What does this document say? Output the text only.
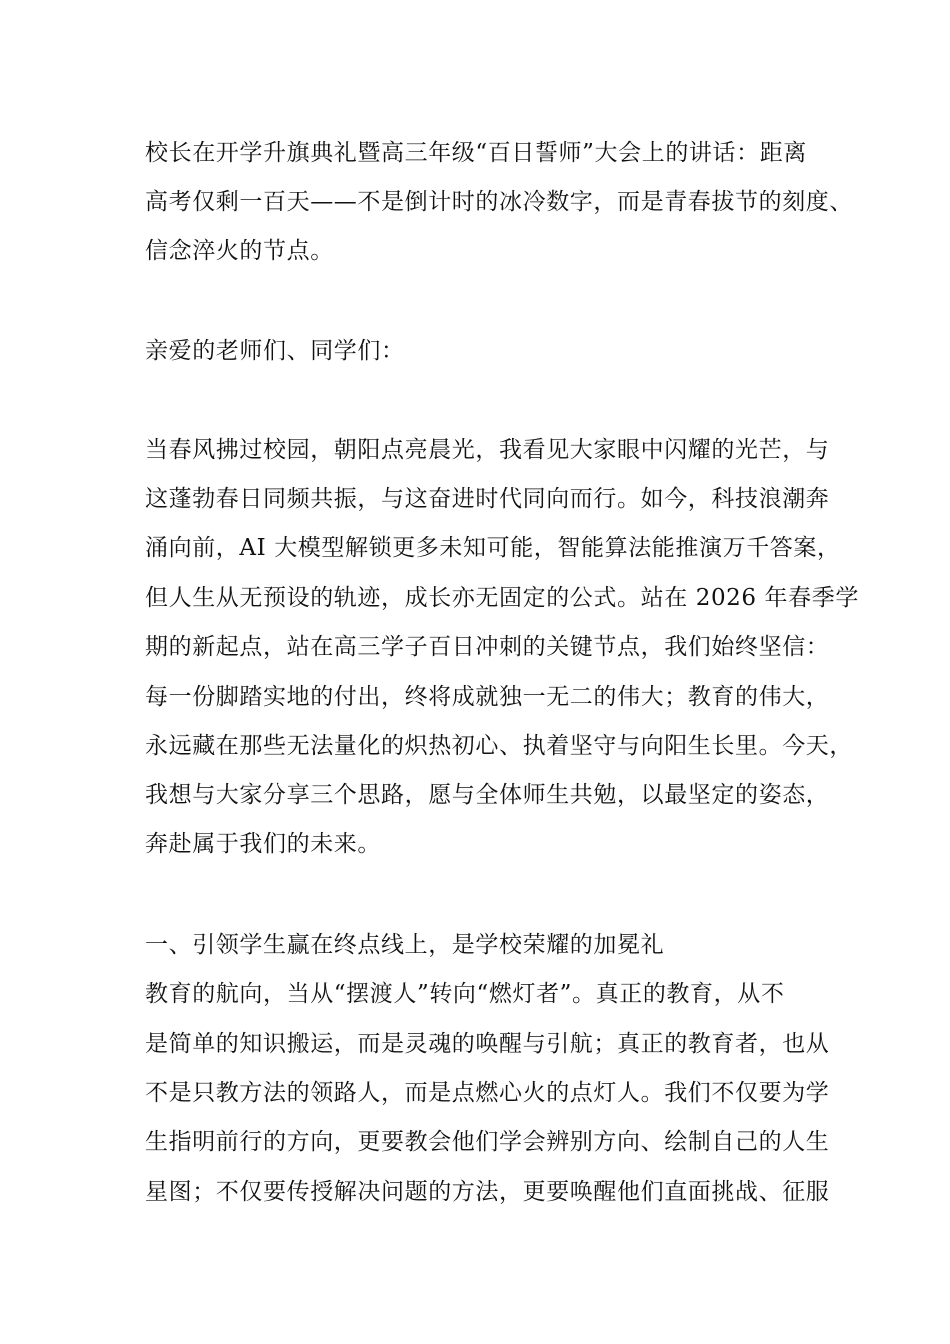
校长在开学升旗典礼暨高三年级“百日誓师”大会上的讲话：距离

高考仅剩一百天——不是倒计时的冰冷数字，而是青春拔节的刻度、

信念淬火的节点。

亲爱的老师们、同学们：

当春风拂过校园，朝阳点亮晨光，我看见大家眼中闪耀的光芒，与

这蓬勃春日同频共振，与这奋进时代同向而行。如今，科技浪潮奔

涌向前，AI 大模型解锁更多未知可能，智能算法能推演万千答案，

但人生从无预设的轨迹，成长亦无固定的公式。站在 2026 年春季学

期的新起点，站在高三学子百日冲刺的关键节点，我们始终坚信：

每一份脚踏实地的付出，终将成就独一无二的伟大；教育的伟大，

永远藏在那些无法量化的炽热初心、执着坚守与向阳生长里。今天，

我想与大家分享三个思路，愿与全体师生共勉，以最坚定的姿态，

奔赴属于我们的未来。

一、引领学生赢在终点线上，是学校荣耀的加冕礼

教育的航向，当从“摆渡人”转向“燃灯者”。真正的教育，从不

是简单的知识搬运，而是灵魂的唤醒与引航；真正的教育者，也从

不是只教方法的领路人，而是点燃心火的点灯人。我们不仅要为学

生指明前行的方向，更要教会他们学会辨别方向、绘制自己的人生

星图；不仅要传授解决问题的方法，更要唤醒他们直面挑战、征服
